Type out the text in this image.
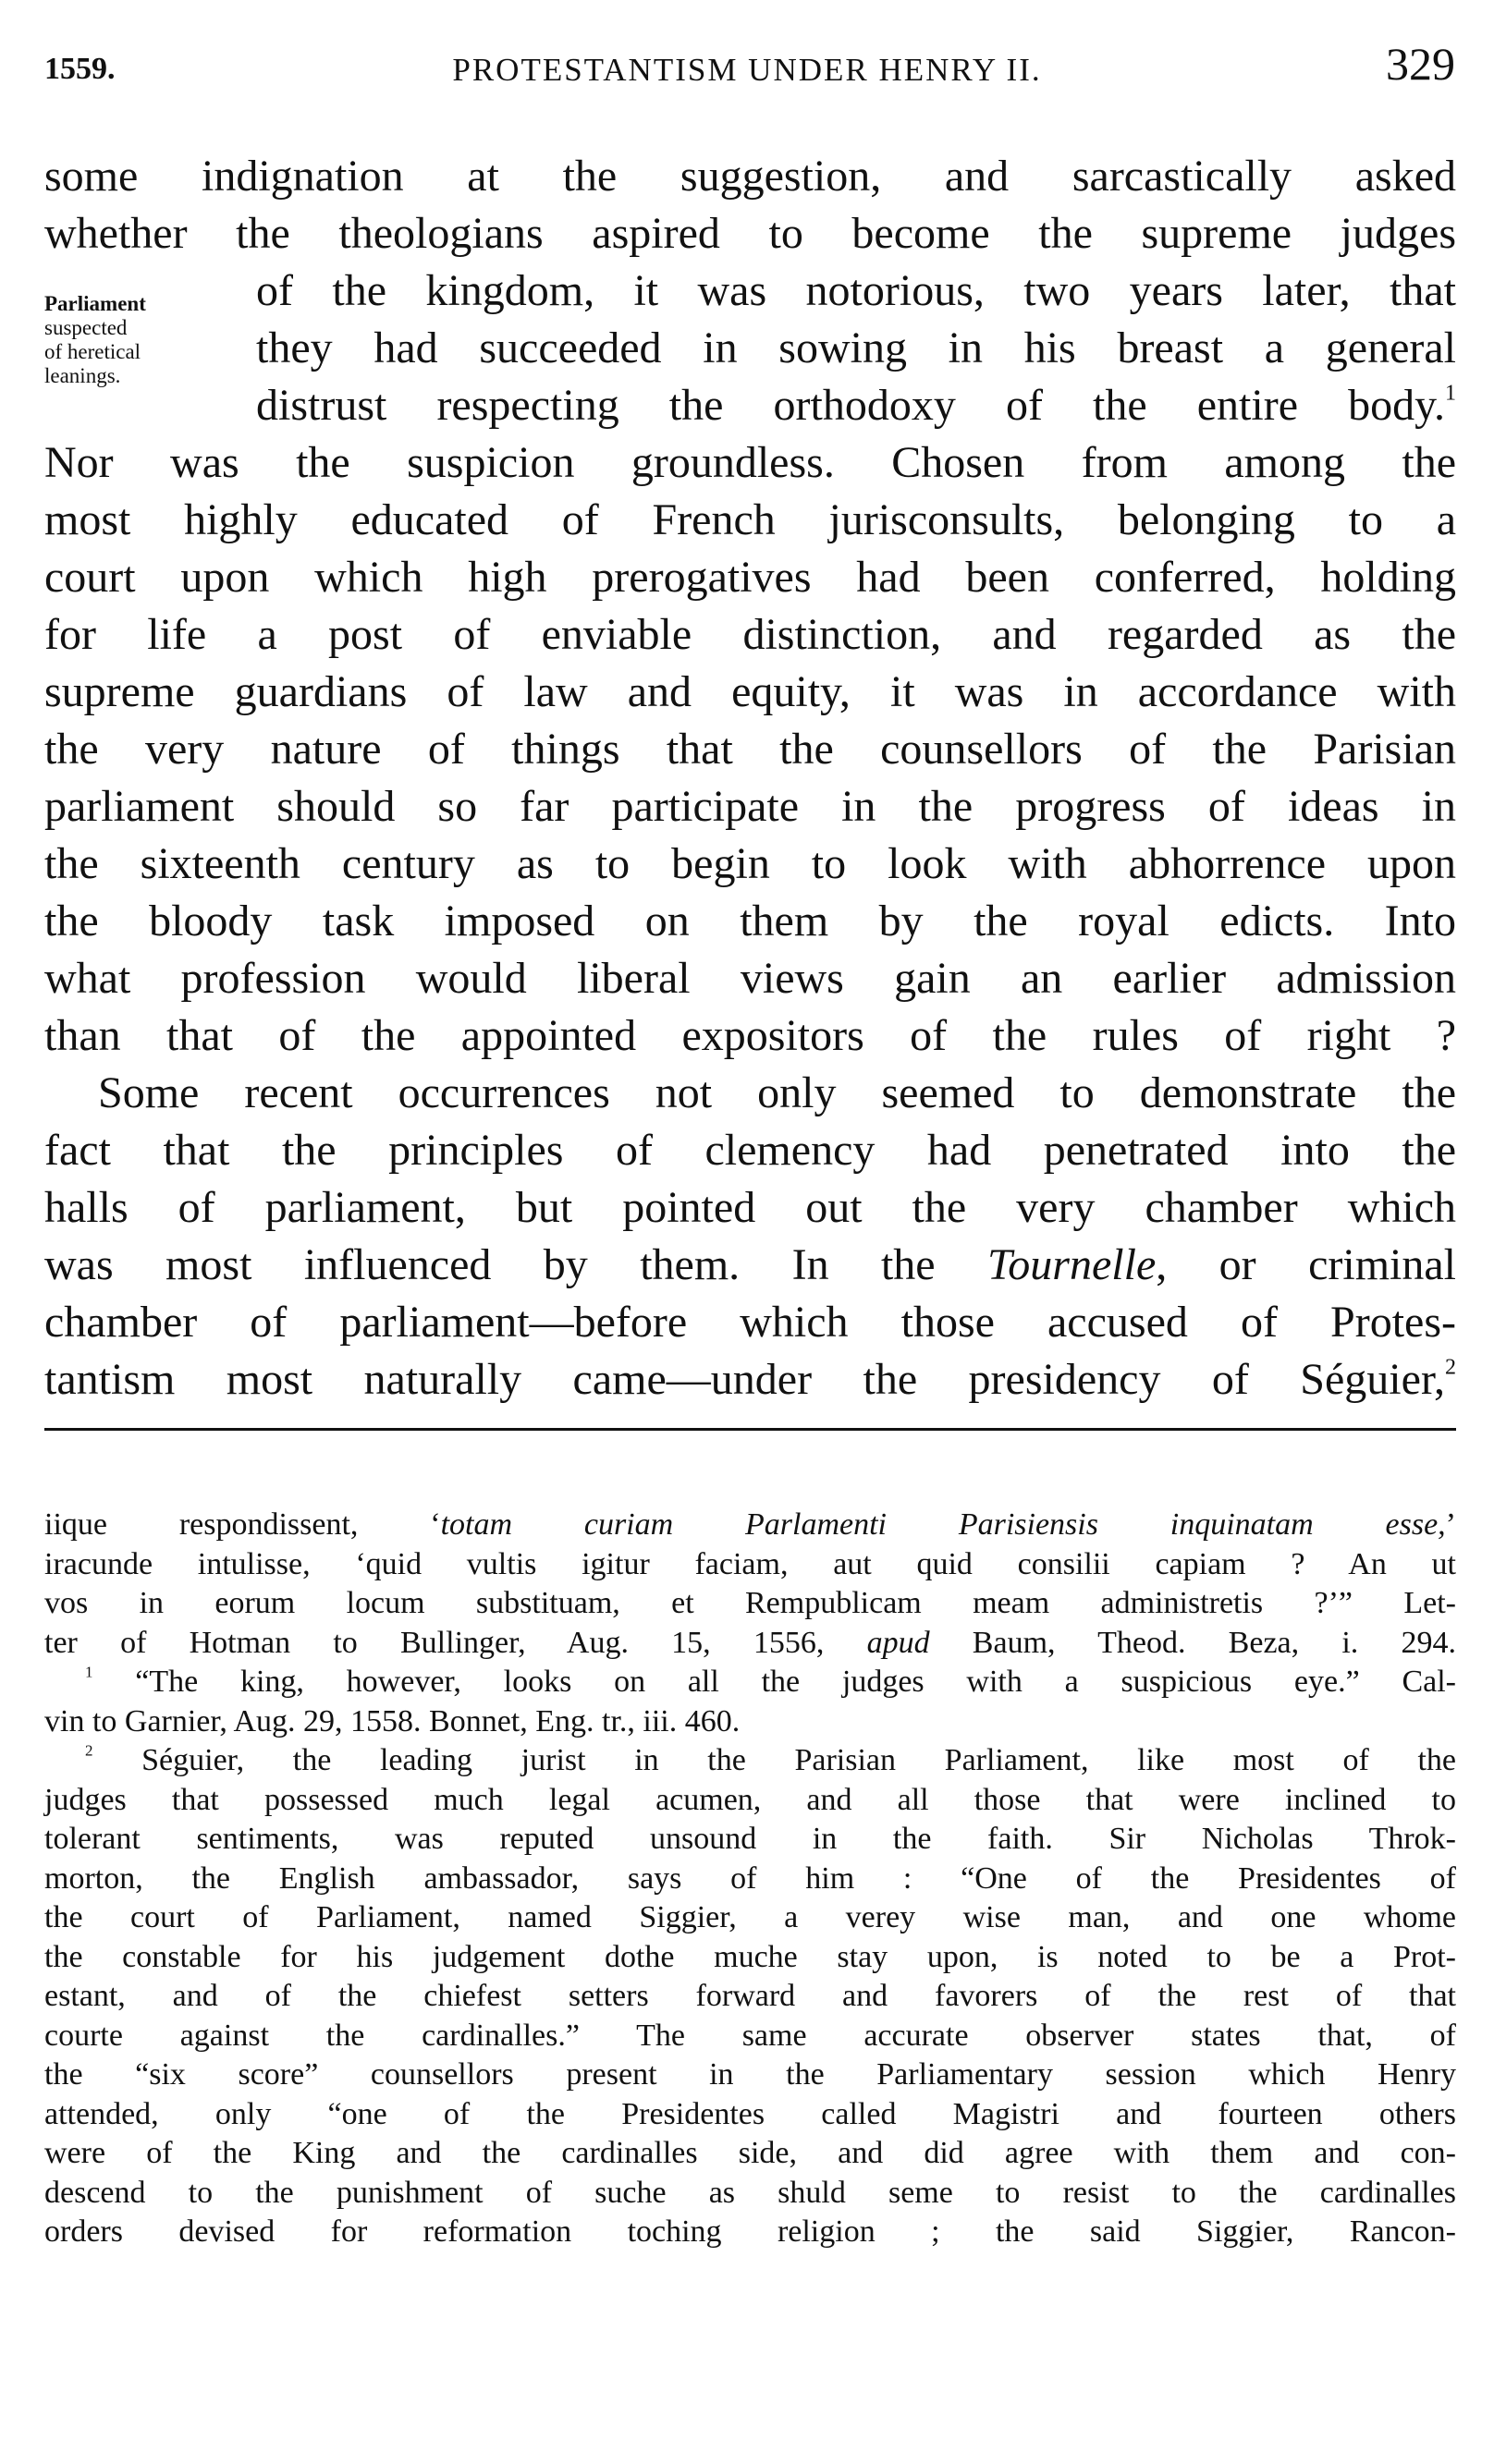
1559.	PROTESTANTISM UNDER HENRY II.	329
Parliament
suspected
of heretical
leanings.
some indignation at the suggestion, and sarcastically asked
whether the theologians aspired to become the supreme judges
of the kingdom, it was notorious, two years later, that
they had succeeded in sowing in his breast a general
distrust respecting the orthodoxy of the entire body.$^1$
Nor was the suspicion groundless. Chosen from among the
most highly educated of French jurisconsults, belonging to a
court upon which high prerogatives had been conferred, holding
for life a post of enviable distinction, and regarded as the
supreme guardians of law and equity, it was in accordance with
the very nature of things that the counsellors of the Parisian
parliament should so far participate in the progress of ideas in
the sixteenth century as to begin to look with abhorrence upon
the bloody task imposed on them by the royal edicts. Into
what profession would liberal views gain an earlier admission
than that of the appointed expositors of the rules of right ?
Some recent occurrences not only seemed to demonstrate the
fact that the principles of clemency had penetrated into the
halls of parliament, but pointed out the very chamber which
was most influenced by them. In the Tournelle, or criminal
chamber of parliament—before which those accused of Protes-
tantism most naturally came—under the presidency of Séguier,$^2$
iique respondissent, ‘totam curiam Parlamenti Parisiensis inquinatam esse,’
iracunde intulisse, ‘quid vultis igitur faciam, aut quid consilii capiam ? An ut
vos in eorum locum substituam, et Rempublicam meam administretis ?’” Let-
ter of Hotman to Bullinger, Aug. 15, 1556, apud Baum, Theod. Beza, i. 294.
$^1$ “The king, however, looks on all the judges with a suspicious eye.” Cal-
vin to Garnier, Aug. 29, 1558. Bonnet, Eng. tr., iii. 460.
$^2$ Séguier, the leading jurist in the Parisian Parliament, like most of the
judges that possessed much legal acumen, and all those that were inclined to
tolerant sentiments, was reputed unsound in the faith. Sir Nicholas Throk-
morton, the English ambassador, says of him : “One of the Presidentes of
the court of Parliament, named Siggier, a verey wise man, and one whome
the constable for his judgement dothe muche stay upon, is noted to be a Prot-
estant, and of the chiefest setters forward and favorers of the rest of that
courte against the cardinalles.” The same accurate observer states that, of
the “six score” counsellors present in the Parliamentary session which Henry
attended, only “one of the Presidentes called Magistri and fourteen others
were of the King and the cardinalles side, and did agree with them and con-
descend to the punishment of suche as shuld seme to resist to the cardinalles
orders devised for reformation toching religion ; the said Siggier, Rancon-
